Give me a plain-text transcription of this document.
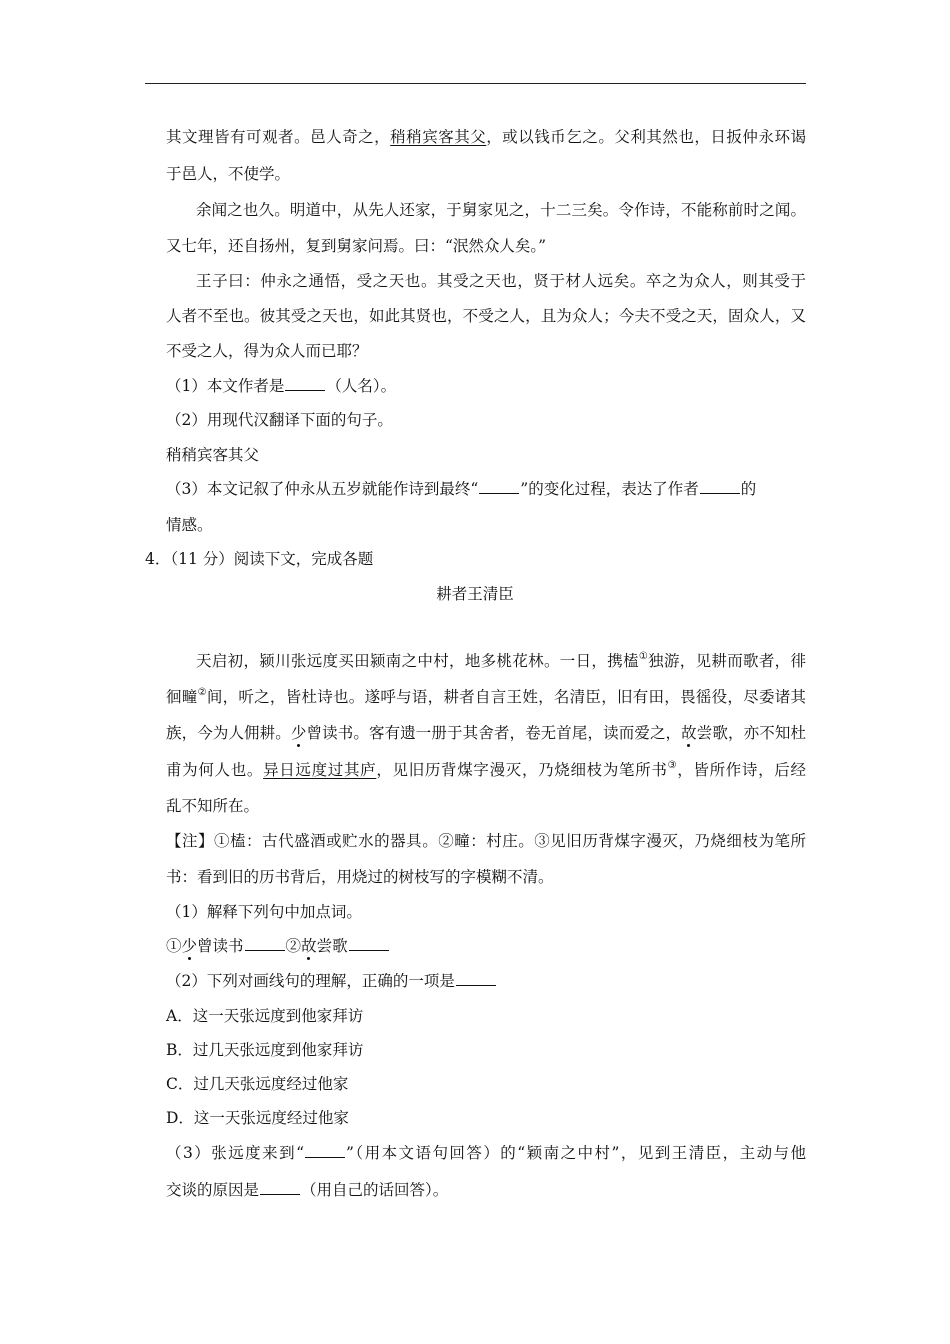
其文理皆有可观者。邑人奇之，稍稍宾客其父，或以钱币乞之。父利其然也，日扳仲永环谒
于邑人，不使学。
余闻之也久。明道中，从先人还家，于舅家见之，十二三矣。令作诗，不能称前时之闻。
又七年，还自扬州，复到舅家问焉。曰：“泯然众人矣。”
王子曰：仲永之通悟，受之天也。其受之天也，贤于材人远矣。卒之为众人，则其受于
人者不至也。彼其受之天也，如此其贤也，不受之人，且为众人；今夫不受之天，固众人，又
不受之人，得为众人而已耶？
（1）本文作者是	（人名）。
（2）用现代汉翻译下面的句子。
稍稍宾客其父
（3）本文记叙了仲永从五岁就能作诗到最终“	”的变化过程，表达了作者	的
情感。
4．（11 分）阅读下文，完成各题
耕者王清臣
天启初，颍川张远度买田颍南之中村，地多桃花林。一日，携榼①独游，见耕而歌者，徘
徊疃②间，听之，皆杜诗也。遂呼与语，耕者自言王姓，名清臣，旧有田，畏徭役，尽委诸其
族，今为人佣耕。少曾读书。客有遗一册于其舍者，卷无首尾，读而爱之，故尝歌，亦不知杜
甫为何人也。异日远度过其庐，见旧历背煤字漫灭，乃烧细枝为笔所书③，皆所作诗，后经
乱不知所在。
【注】①榼：古代盛酒或贮水的器具。②疃：村庄。③见旧历背煤字漫灭，乃烧细枝为笔所
书：看到旧的历书背后，用烧过的树枝写的字模糊不清。
（1）解释下列句中加点词。
①少曾读书	②故尝歌
（2）下列对画线句的理解，正确的一项是
A．这一天张远度到他家拜访
B．过几天张远度到他家拜访
C．过几天张远度经过他家
D．这一天张远度经过他家
（3）张远度来到“	”（用本文语句回答）的“颖南之中村”，见到王清臣，主动与他
交谈的原因是	（用自己的话回答）。
